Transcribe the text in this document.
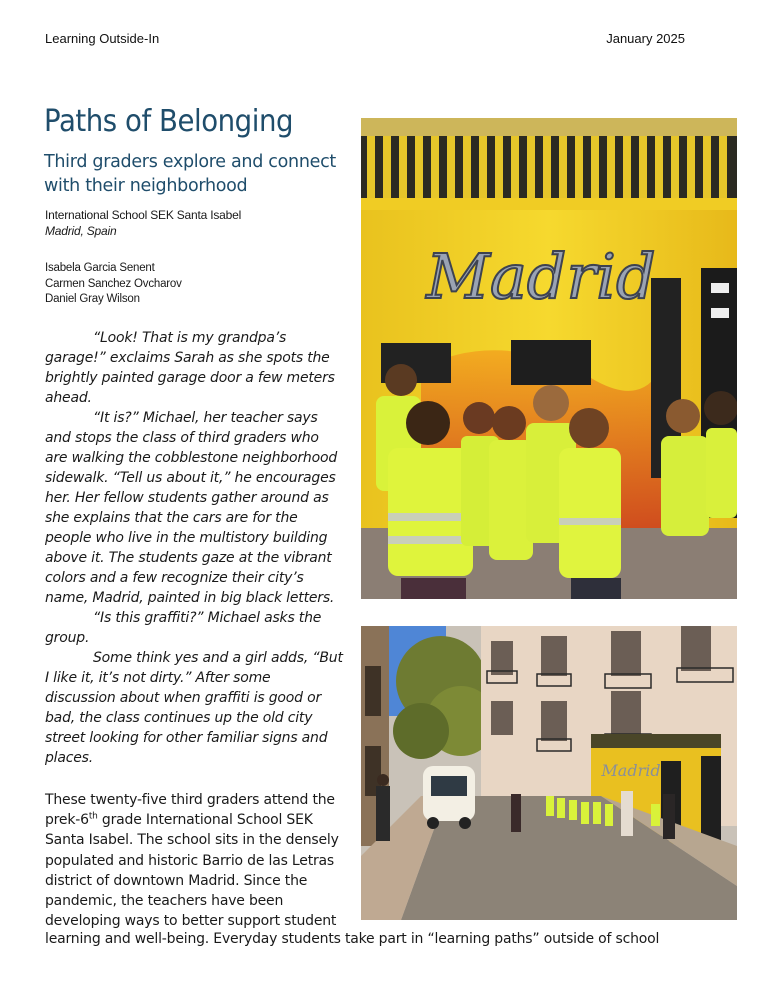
Learning Outside-In	January 2025
Paths of Belonging
Third graders explore and connect with their neighborhood
International School SEK Santa Isabel
Madrid, Spain
Isabela Garcia Senent
Carmen Sanchez Ovcharov
Daniel Gray Wilson

“Look! That is my grandpa’s garage!” exclaims Sarah as she spots the brightly painted garage door a few meters ahead.

“It is?” Michael, her teacher says and stops the class of third graders who are walking the cobblestone neighborhood sidewalk. “Tell us about it,” he encourages her. Her fellow students gather around as she explains that the cars are for the people who live in the multistory building above it. The students gaze at the vibrant colors and a few recognize their city’s name, Madrid, painted in big black letters.

“Is this graffiti?” Michael asks the group.

Some think yes and a girl adds, “But I like it, it’s not dirty.” After some discussion about when graffiti is good or bad, the class continues up the old city street looking for other familiar signs and places.

These twenty-five third graders attend the prek-6th grade International School SEK Santa Isabel. The school sits in the densely populated and historic Barrio de las Letras district of downtown Madrid. Since the pandemic, the teachers have been developing ways to better support student

learning and well-being. Everyday students take part in “learning paths” outside of school

Madrid
Madrid
